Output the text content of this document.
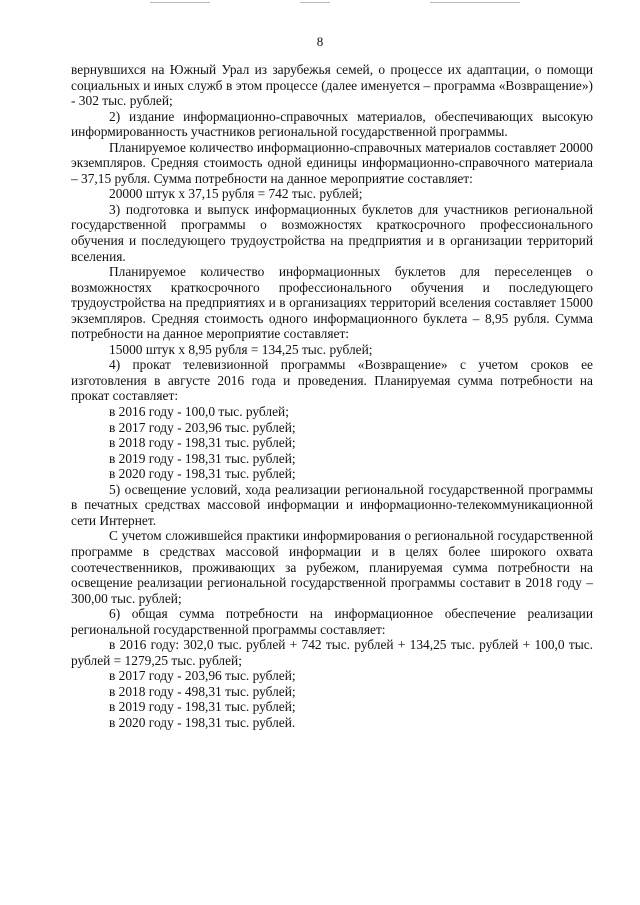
8

вернувшихся на Южный Урал из зарубежья семей, о процессе их адаптации, о помощи социальных и иных служб в этом процессе (далее именуется – программа «Возвращение») - 302 тыс. рублей;

2) издание информационно-справочных материалов, обеспечивающих высокую информированность участников региональной государственной программы.

Планируемое количество информационно-справочных материалов составляет 20000 экземпляров. Средняя стоимость одной единицы информационно-справочного материала – 37,15 рубля. Сумма потребности на данное мероприятие составляет:

20000 штук x 37,15 рубля = 742 тыс. рублей;

3) подготовка и выпуск информационных буклетов для участников региональной государственной программы о возможностях краткосрочного профессионального обучения и последующего трудоустройства на предприятия и в организации территорий вселения.

Планируемое количество информационных буклетов для переселенцев о возможностях краткосрочного профессионального обучения и последующего трудоустройства на предприятиях и в организациях территорий вселения составляет 15000 экземпляров. Средняя стоимость одного информационного буклета – 8,95 рубля. Сумма потребности на данное мероприятие составляет:

15000 штук x 8,95 рубля = 134,25 тыс. рублей;

4) прокат телевизионной программы «Возвращение» с учетом сроков ее изготовления в августе 2016 года и проведения. Планируемая сумма потребности на прокат составляет:

в 2016 году - 100,0 тыс. рублей;

в 2017 году - 203,96 тыс. рублей;

в 2018 году - 198,31 тыс. рублей;

в 2019 году - 198,31 тыс. рублей;

в 2020 году - 198,31 тыс. рублей;

5) освещение условий, хода реализации региональной государственной программы в печатных средствах массовой информации и информационно-телекоммуникационной сети Интернет.

С учетом сложившейся практики информирования о региональной государственной программе в средствах массовой информации и в целях более широкого охвата соотечественников, проживающих за рубежом, планируемая сумма потребности на освещение реализации региональной государственной программы составит в 2018 году – 300,00 тыс. рублей;

6) общая сумма потребности на информационное обеспечение реализации региональной государственной программы составляет:

в 2016 году: 302,0 тыс. рублей + 742 тыс. рублей + 134,25 тыс. рублей + 100,0 тыс. рублей = 1279,25 тыс. рублей;

в 2017 году - 203,96 тыс. рублей;

в 2018 году - 498,31 тыс. рублей;

в 2019 году - 198,31 тыс. рублей;

в 2020 году - 198,31 тыс. рублей.
